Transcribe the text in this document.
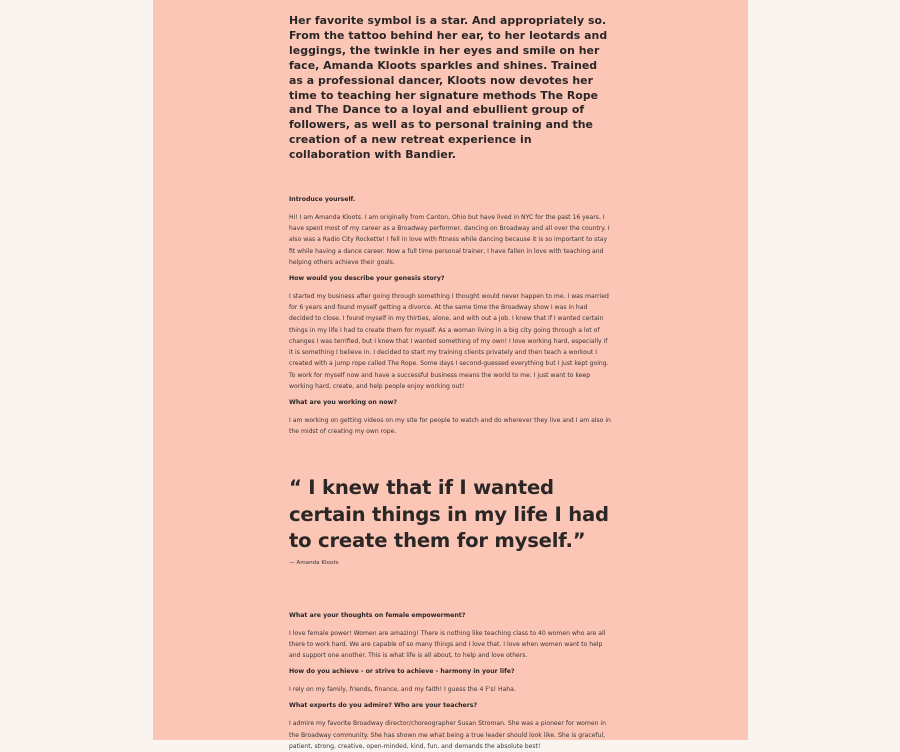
Her favorite symbol is a star. And appropriately so. From the tattoo behind her ear, to her leotards and leggings, the twinkle in her eyes and smile on her face, Amanda Kloots sparkles and shines. Trained as a professional dancer, Kloots now devotes her time to teaching her signature methods The Rope and The Dance to a loyal and ebullient group of followers, as well as to personal training and the creation of a new retreat experience in collaboration with Bandier.

Introduce yourself.

Hi! I am Amanda Kloots. I am originally from Canton, Ohio but have lived in NYC for the past 16 years. I have spent most of my career as a Broadway performer, dancing on Broadway and all over the country. I also was a Radio City Rockette! I fell in love with fitness while dancing because it is so important to stay fit while having a dance career. Now a full time personal trainer, I have fallen in love with teaching and helping others achieve their goals.

How would you describe your genesis story?

I started my business after going through something I thought would never happen to me. I was married for 6 years and found myself getting a divorce. At the same time the Broadway show I was in had decided to close. I found myself in my thirties, alone, and with out a job. I knew that if I wanted certain things in my life I had to create them for myself. As a woman living in a big city going through a lot of changes I was terrified, but I knew that I wanted something of my own! I love working hard, especially if it is something I believe in. I decided to start my training clients privately and then teach a workout I created with a jump rope called The Rope. Some days I second-guessed everything but I just kept going. To work for myself now and have a successful business means the world to me. I just want to keep working hard, create, and help people enjoy working out!

What are you working on now?

I am working on getting videos on my site for people to watch and do wherever they live and I am also in the midst of creating my own rope.

“ I knew that if I wanted certain things in my life I had to create them for myself.”

— Amanda Kloots

What are your thoughts on female empowerment?

I love female power! Women are amazing! There is nothing like teaching class to 40 women who are all there to work hard. We are capable of so many things and I love that. I love when women want to help and support one another. This is what life is all about, to help and love others.

How do you achieve - or strive to achieve - harmony in your life?

I rely on my family, friends, finance, and my faith! I guess the 4 F's! Haha.

What experts do you admire? Who are your teachers?

I admire my favorite Broadway director/choreographer Susan Stroman. She was a pioneer for women in the Broadway community. She has shown me what being a true leader should look like. She is graceful, patient, strong, creative, open-minded, kind, fun, and demands the absolute best!
